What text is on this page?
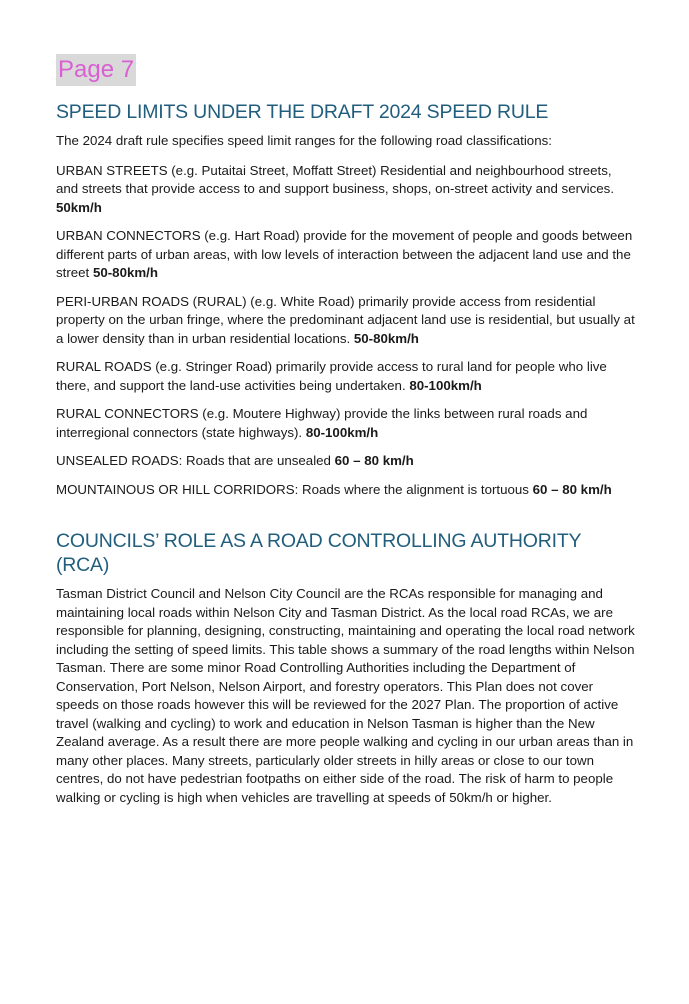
Page 7
SPEED LIMITS UNDER THE DRAFT 2024 SPEED RULE

The 2024 draft rule specifies speed limit ranges for the following road classifications:

URBAN STREETS (e.g. Putaitai Street, Moffatt Street) Residential and neighbourhood streets, and streets that provide access to and support business, shops, on-street activity and services.
50km/h

URBAN CONNECTORS (e.g. Hart Road) provide for the movement of people and goods between different parts of urban areas, with low levels of interaction between the adjacent land use and the street 50-80km/h

PERI-URBAN ROADS (RURAL) (e.g. White Road) primarily provide access from residential property on the urban fringe, where the predominant adjacent land use is residential, but usually at a lower density than in urban residential locations. 50-80km/h

RURAL ROADS (e.g. Stringer Road) primarily provide access to rural land for people who live there, and support the land-use activities being undertaken. 80-100km/h

RURAL CONNECTORS (e.g. Moutere Highway) provide the links between rural roads and interregional connectors (state highways). 80-100km/h

UNSEALED ROADS: Roads that are unsealed 60 – 80 km/h

MOUNTAINOUS OR HILL CORRIDORS: Roads where the alignment is tortuous 60 – 80 km/h

COUNCILS’ ROLE AS A ROAD CONTROLLING AUTHORITY (RCA)

Tasman District Council and Nelson City Council are the RCAs responsible for managing and maintaining local roads within Nelson City and Tasman District. As the local road RCAs, we are responsible for planning, designing, constructing, maintaining and operating the local road network including the setting of speed limits. This table shows a summary of the road lengths within Nelson Tasman. There are some minor Road Controlling Authorities including the Department of Conservation, Port Nelson, Nelson Airport, and forestry operators. This Plan does not cover speeds on those roads however this will be reviewed for the 2027 Plan. The proportion of active travel (walking and cycling) to work and education in Nelson Tasman is higher than the New Zealand average. As a result there are more people walking and cycling in our urban areas than in many other places. Many streets, particularly older streets in hilly areas or close to our town centres, do not have pedestrian footpaths on either side of the road. The risk of harm to people walking or cycling is high when vehicles are travelling at speeds of 50km/h or higher.
